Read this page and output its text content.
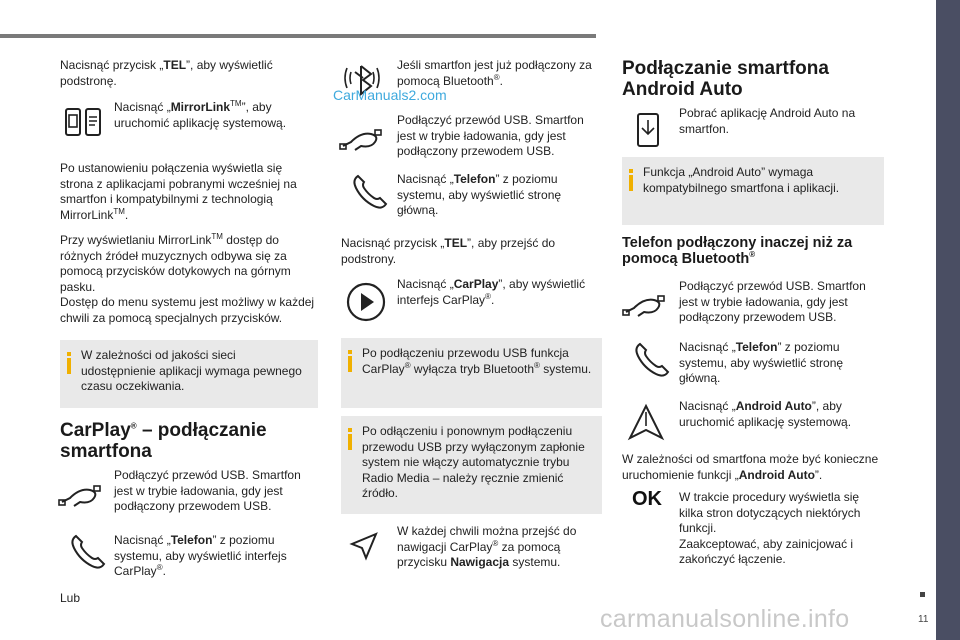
Nacisnąć przycisk „TEL”, aby wyświetlić podstronę.

Nacisnąć „MirrorLink™”, aby uruchomić aplikację systemową.

Po ustanowieniu połączenia wyświetla się strona z aplikacjami pobranymi wcześniej na smartfon i kompatybilnymi z technologią MirrorLink™.

Przy wyświetlaniu MirrorLink™ dostęp do różnych źródeł muzycznych odbywa się za pomocą przycisków dotykowych na górnym pasku.
Dostęp do menu systemu jest możliwy w każdej chwili za pomocą specjalnych przycisków.

W zależności od jakości sieci udostępnienie aplikacji wymaga pewnego czasu oczekiwania.

CarPlay® – podłączanie smartfona

Podłączyć przewód USB. Smartfon jest w trybie ładowania, gdy jest podłączony przewodem USB.

Nacisnąć „Telefon” z poziomu systemu, aby wyświetlić interfejs CarPlay®.

Lub

Jeśli smartfon jest już podłączony za pomocą Bluetooth®.

CarManuals2.com

Podłączyć przewód USB. Smartfon jest w trybie ładowania, gdy jest podłączony przewodem USB.

Nacisnąć „Telefon” z poziomu systemu, aby wyświetlić stronę główną.

Nacisnąć przycisk „TEL”, aby przejść do podstrony.

Nacisnąć „CarPlay”, aby wyświetlić interfejs CarPlay®.

Po podłączeniu przewodu USB funkcja CarPlay® wyłącza tryb Bluetooth® systemu.

Po odłączeniu i ponownym podłączeniu przewodu USB przy wyłączonym zapłonie system nie włączy automatycznie trybu Radio Media – należy ręcznie zmienić źródło.

W każdej chwili można przejść do nawigacji CarPlay® za pomocą przycisku Nawigacja systemu.

Podłączanie smartfona Android Auto

Pobrać aplikację Android Auto na smartfon.

Funkcja „Android Auto” wymaga kompatybilnego smartfona i aplikacji.

Telefon podłączony inaczej niż za pomocą Bluetooth®

Podłączyć przewód USB. Smartfon jest w trybie ładowania, gdy jest podłączony przewodem USB.

Nacisnąć „Telefon” z poziomu systemu, aby wyświetlić stronę główną.

Nacisnąć „Android Auto”, aby uruchomić aplikację systemową.

W zależności od smartfona może być konieczne uruchomienie funkcji „Android Auto”.

OK W trakcie procedury wyświetla się kilka stron dotyczących niektórych funkcji.
Zaakceptować, aby zainicjować i zakończyć łączenie.

11
carmanualsonline.info
